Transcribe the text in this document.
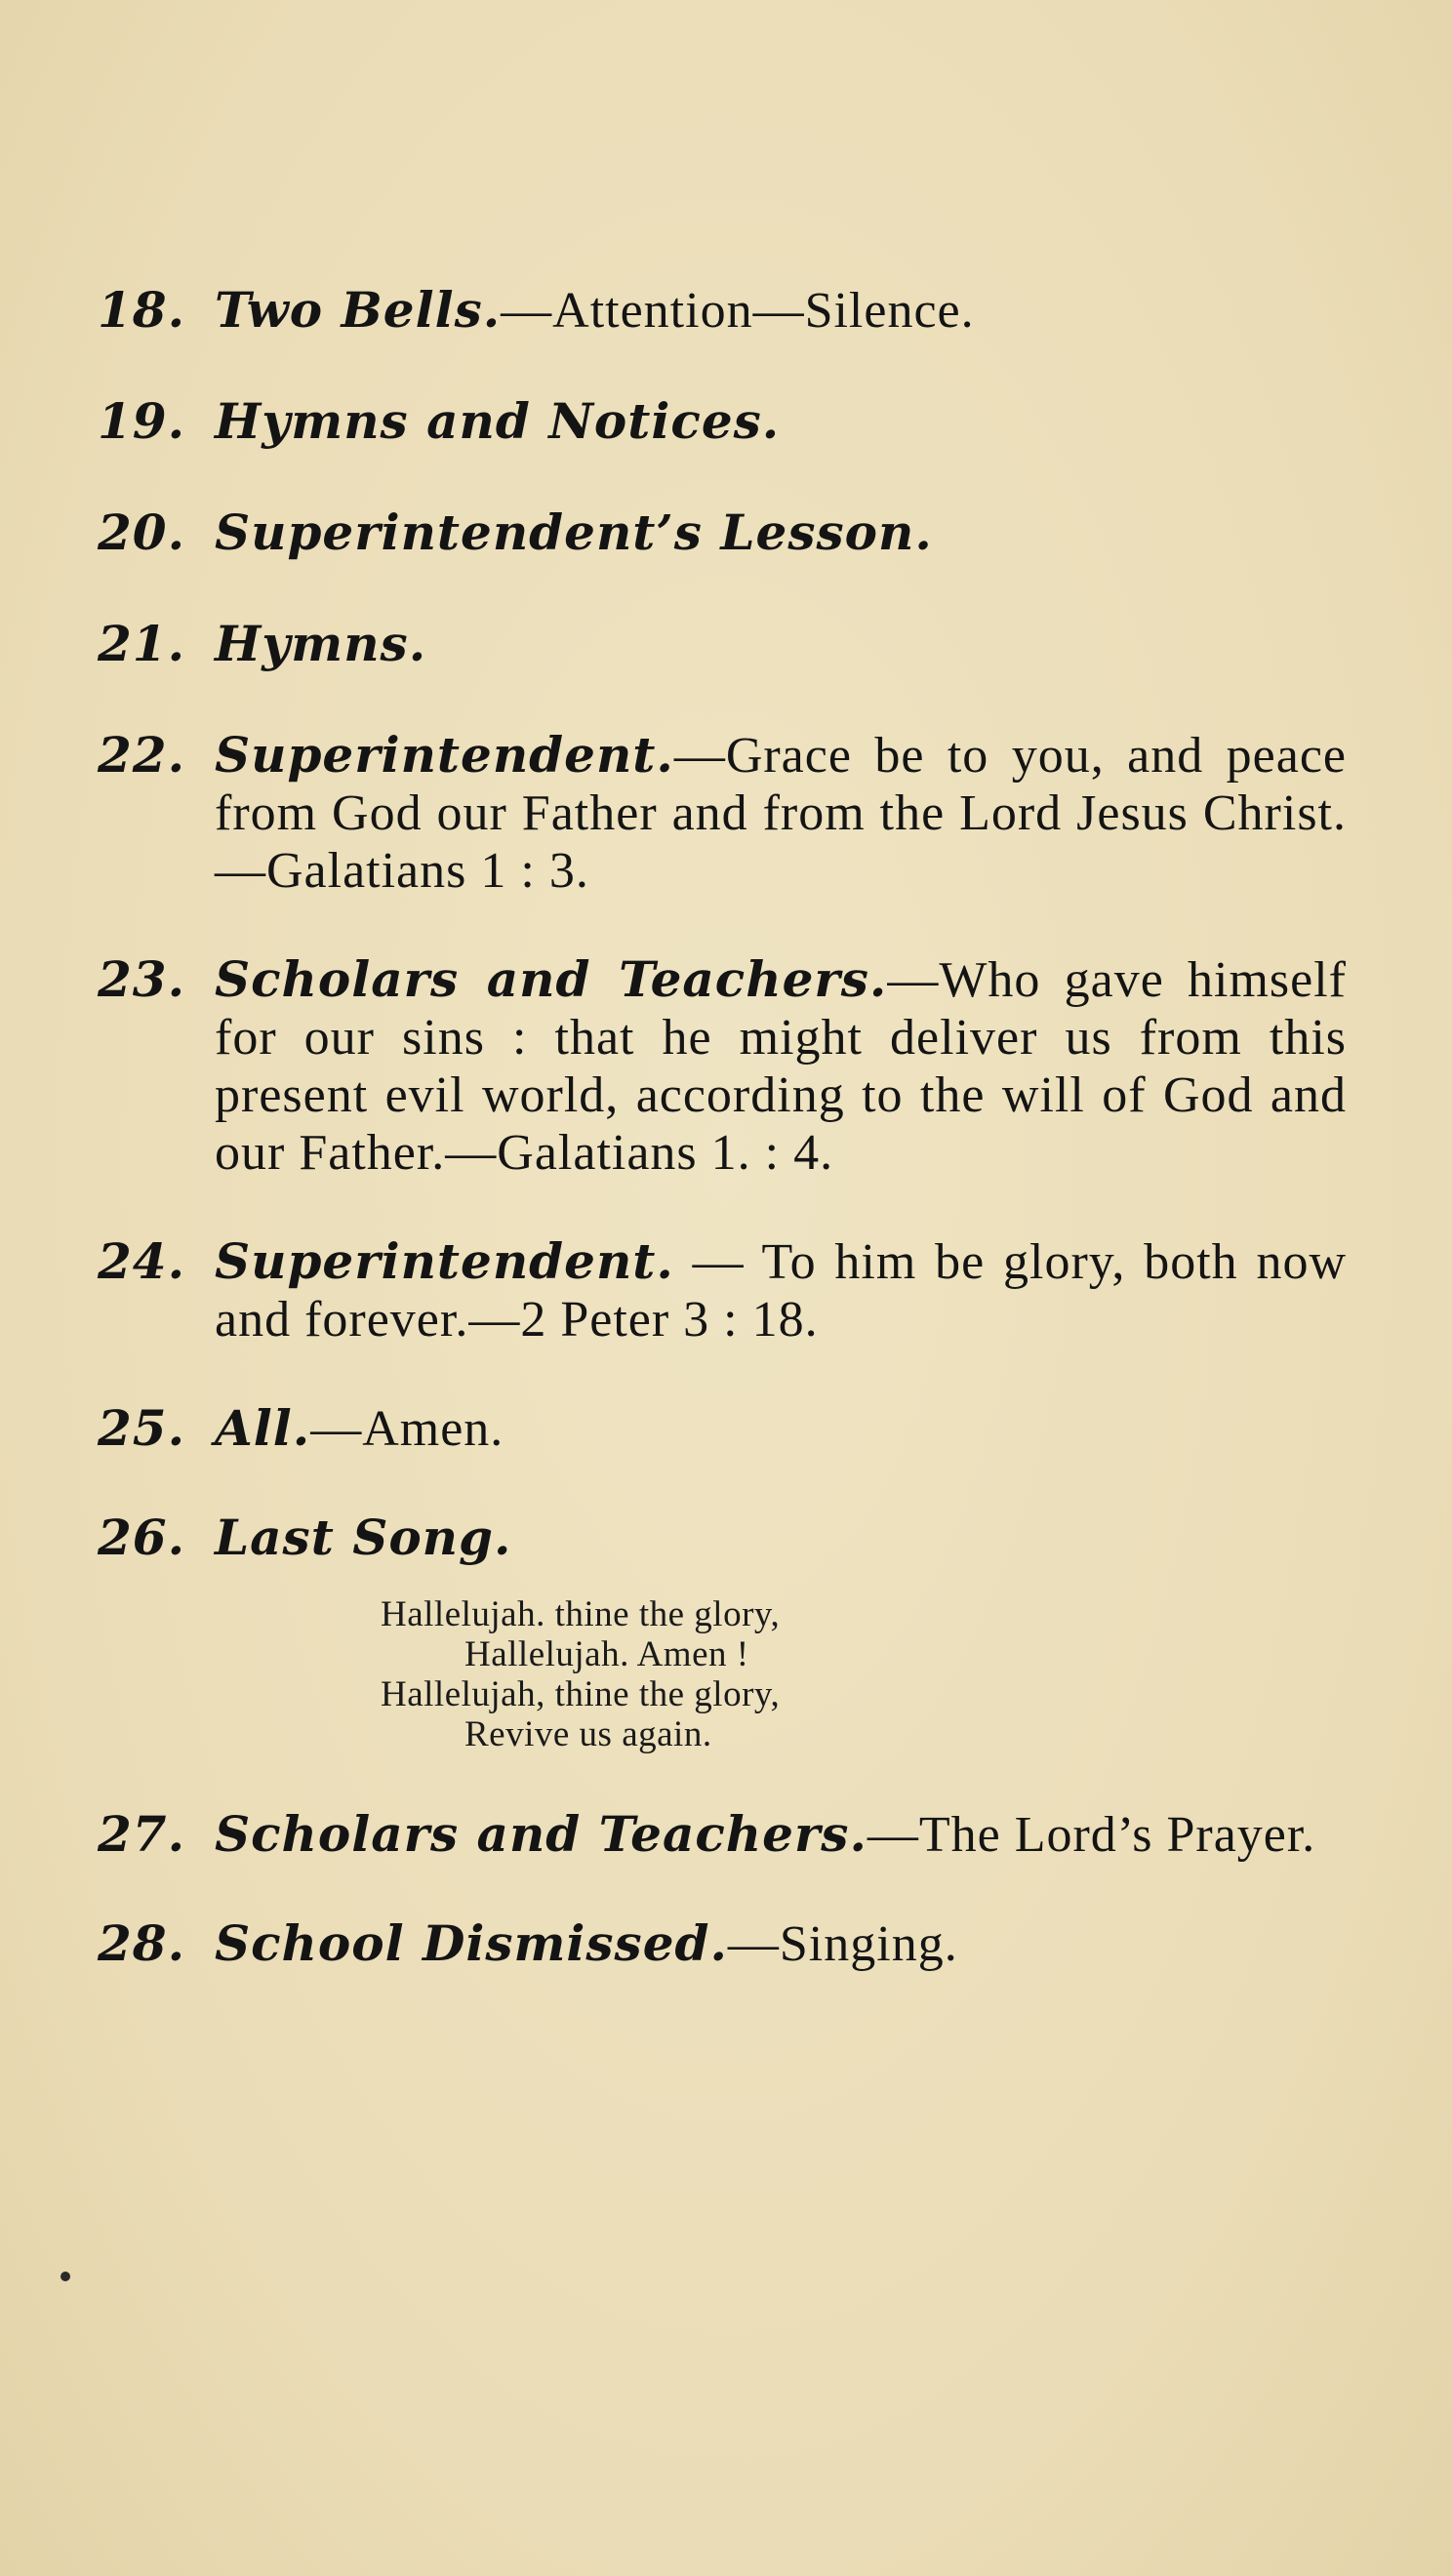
18. Two Bells.—Attention—Silence.
19. Hymns and Notices.
20. Superintendent’s Lesson.
21. Hymns.
22. Superintendent.—Grace be to you, and peace from God our Father and from the Lord Jesus Christ.—Galatians 1 : 3.
23. Scholars and Teachers.—Who gave himself for our sins : that he might deliver us from this present evil world, according to the will of God and our Father.—Galatians 1. : 4.
24. Superintendent. — To him be glory, both now and forever.—2 Peter 3 : 18.
25. All.—Amen.
26. Last Song.
Hallelujah. thine the glory,
Hallelujah. Amen !
Hallelujah, thine the glory,
Revive us again.
27. Scholars and Teachers.—The Lord’s Prayer.
28. School Dismissed.—Singing.
